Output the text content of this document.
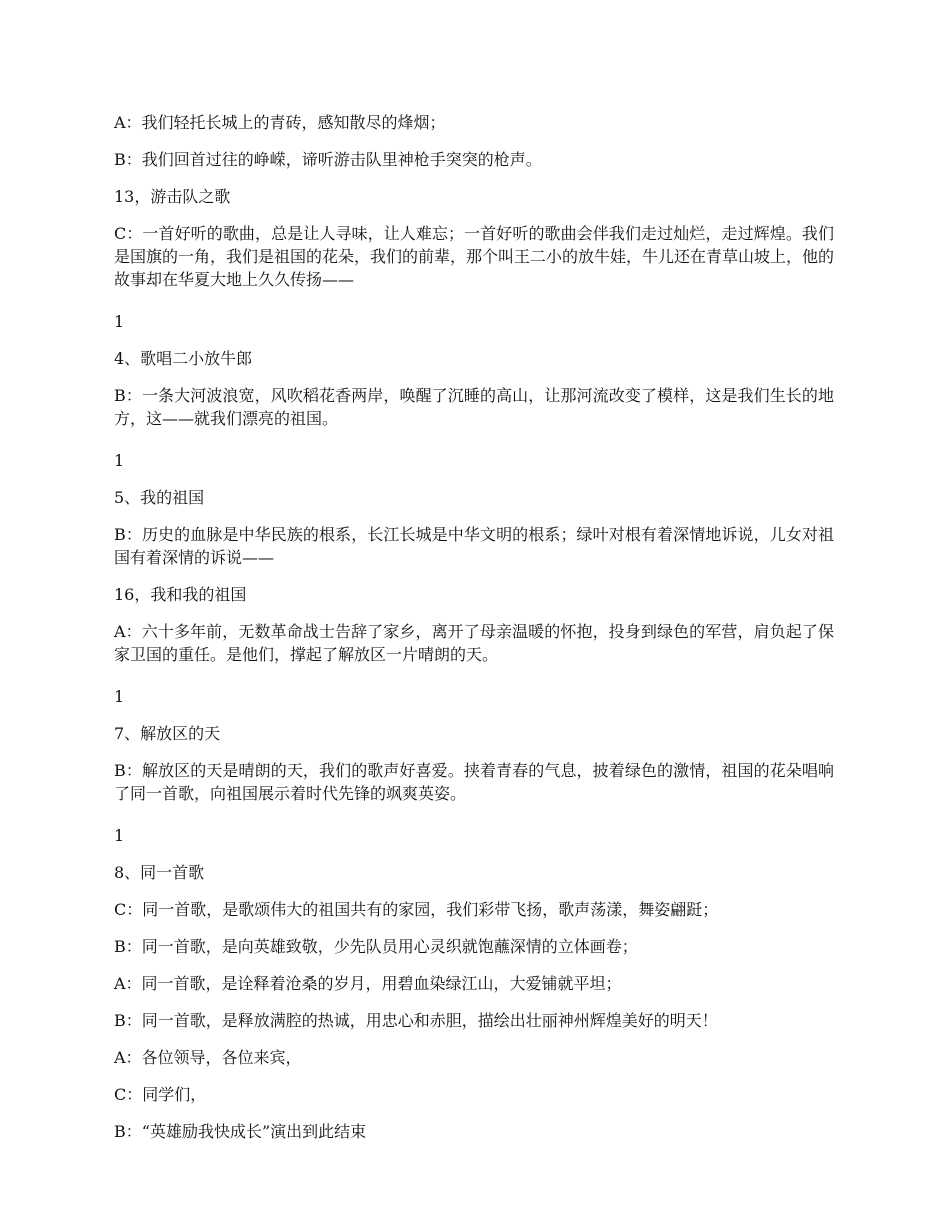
A：我们轻托长城上的青砖，感知散尽的烽烟；

B：我们回首过往的峥嵘，谛听游击队里神枪手突突的枪声。

13，游击队之歌

C：一首好听的歌曲，总是让人寻味，让人难忘；一首好听的歌曲会伴我们走过灿烂，走过辉煌。我们是国旗的一角，我们是祖国的花朵，我们的前辈，那个叫王二小的放牛娃，牛儿还在青草山坡上，他的故事却在华夏大地上久久传扬——

1

4、歌唱二小放牛郎

B：一条大河波浪宽，风吹稻花香两岸，唤醒了沉睡的高山，让那河流改变了模样，这是我们生长的地方，这——就我们漂亮的祖国。

1

5、我的祖国

B：历史的血脉是中华民族的根系，长江长城是中华文明的根系；绿叶对根有着深情地诉说，儿女对祖国有着深情的诉说——

16，我和我的祖国

A：六十多年前，无数革命战士告辞了家乡，离开了母亲温暖的怀抱，投身到绿色的军营，肩负起了保家卫国的重任。是他们，撑起了解放区一片晴朗的天。

1

7、解放区的天

B：解放区的天是晴朗的天，我们的歌声好喜爱。挟着青春的气息，披着绿色的激情，祖国的花朵唱响了同一首歌，向祖国展示着时代先锋的飒爽英姿。

1

8、同一首歌

C：同一首歌，是歌颂伟大的祖国共有的家园，我们彩带飞扬，歌声荡漾，舞姿翩跹；

B：同一首歌，是向英雄致敬，少先队员用心灵织就饱蘸深情的立体画卷；

A：同一首歌，是诠释着沧桑的岁月，用碧血染绿江山，大爱铺就平坦；

B：同一首歌，是释放满腔的热诚，用忠心和赤胆，描绘出壮丽神州辉煌美好的明天！

A：各位领导，各位来宾，

C：同学们，

B：“英雄励我快成长”演出到此结束
